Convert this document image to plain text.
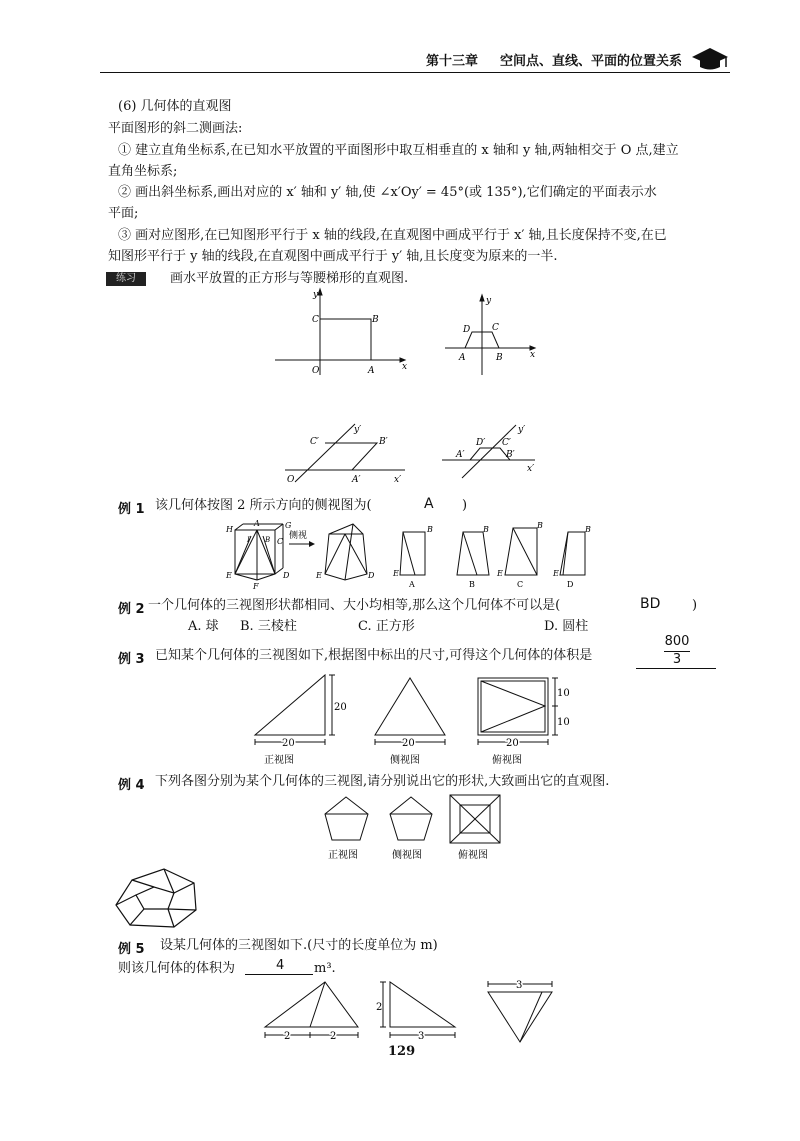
第十三章 空间点、直线、平面的位置关系
(6) 几何体的直观图
平面图形的斜二测画法:
① 建立直角坐标系,在已知水平放置的平面图形中取互相垂直的 x 轴和 y 轴,两轴相交于 O 点,建立
直角坐标系;
② 画出斜坐标系,画出对应的 x′ 轴和 y′ 轴,使 ∠x′Oy′ = 45°(或 135°),它们确定的平面表示水
平面;
③ 画对应图形,在已知图形平行于 x 轴的线段,在直观图中画成平行于 x′ 轴,且长度保持不变,在已
知图形平行于 y 轴的线段,在直观图中画成平行于 y′ 轴,且长度变为原来的一半.
练习	画水平放置的正方形与等腰梯形的直观图.
y
x
C	B
O	A
y
x
D C
A	B
y′
x′
O
C′	B′
A′
y′
x′
A′
D′ C′
B′
例 1 该几何体按图 2 所示方向的侧视图为(	A )
H
A	G
I B C
E
F
D
侧视
E	D E
B	B
E
B
E
B
A	B	C	D
例 2 一个几何体的三视图形状都相同、大小均相等,那么这个几何体不可以是(	BD )
A. 球 B. 三棱柱	C. 正方形	D. 圆柱
例 3 已知某个几何体的三视图如下,根据图中标出的尺寸,可得这个几何体的体积是
800
3
20
20	20	20
10
10
正视图	侧视图	俯视图
例 4 下列各图分别为某个几何体的三视图,请分别说出它的形状,大致画出它的直观图.
正视图	侧视图	俯视图
例 5 设某几何体的三视图如下.(尺寸的长度单位为 m)
则该几何体的体积为	4 m³.
2	2
2
3
3
129
